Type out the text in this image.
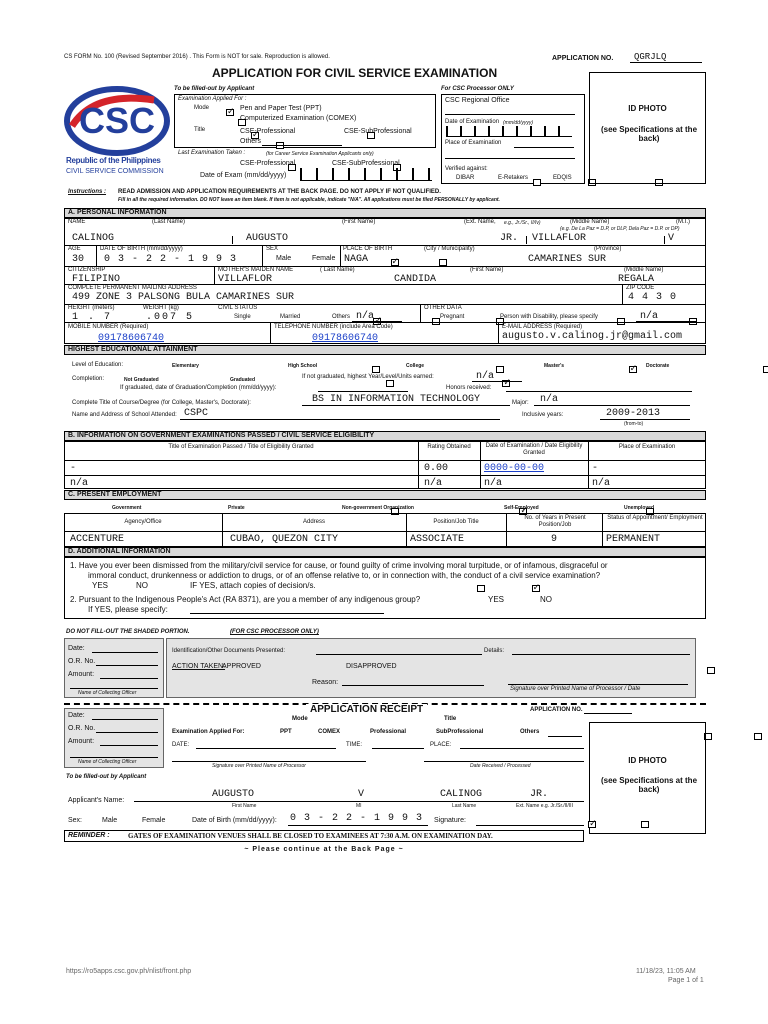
CS FORM No. 100 (Revised September 2016) . This Form is NOT for sale. Reproduction is allowed.	APPLICATION NO. QGRJLQ
APPLICATION FOR CIVIL SERVICE EXAMINATION
CSC
Republic of the Philippines
CIVIL SERVICE COMMISSION
To be filled-out by Applicant	For CSC Processor ONLY
Examination Applied For :
Mode
✓	Pen and Paper Test (PPT)

Computerized Examination (COMEX)
Title
✓	CSE-Professional
	CSE-SubProfessional

Others
Last Examination Taken :	(for Career Service Examination Applicants only)

CSE-Professional
	CSE-SubProfessional
Date of Exam (mm/dd/yyyy)
CSC Regional Office
Date of Examination (mm/dd/yyyy)
Place of Examination
Verified against:

DIBAR
	E-Retakers
	EDQIS
ID PHOTO
(see Specifications at the back)
Instructions : READ ADMISSION AND APPLICATION REQUIREMENTS AT THE BACK PAGE. DO NOT APPLY IF NOT QUALIFIED.
Fill in all the required information. DO NOT leave an item blank. If item is not applicable, indicate "N/A". All applications must be filed PERSONALLY by applicant.
A. PERSONAL INFORMATION
NAME	(Last Name)	(First Name)	(Ext. Name, e.g., Jr./Sr., II/Iv)	(Middle Name)	(M.I.)
(e.g. De La Paz = D.P, or DLP, Dela Paz = D.P. or DP)
CALINOG	AUGUSTO	JR. VILLAFLOR	V
AGE	DATE OF BIRTH (mm/dd/yyyy)	SEX	PLACE OF BIRTH	(City / Municipality)	(Province)
30 0 3 - 2 2 - 1 9 9 3
✓	Male
	Female NAGA	CAMARINES SUR
CITIZENSHIP	MOTHER'S MAIDEN NAME	( Last Name)	(First Name)	(Middle Name)
FILIPINO	VILLAFLOR	CANDIDA	REGALA
COMPLETE PERMANENT MAILING ADDRESS	ZIP CODE
499 ZONE 3 PALSONG BULA CAMARINES SUR	4 4 3 0
HEIGHT (meters)	WEIGHT (kg)	CIVIL STATUS
1 . 7	.007 5
✓	Single
	Married
	Others n/a
OTHER DATA

Pregnant
	Person with Disability, please specify	n/a
MOBILE NUMBER (Required)	TELEPHONE NUMBER (include Area Code)	E-MAIL ADDRESS (Required)
09178606740	09178606740	augusto.v.calinog.jr@gmail.com
HIGHEST EDUCATIONAL ATTAINMENT
Level of Education:
	Elementary
	High School
✓	College
	Master's
	Doctorate
Completion:
	Not Graduated
✓	Graduated	If not graduated, highest Year/Level/Units earned:	n/a
If graduated, date of Graduation/Completion (mm/dd/yyyy):	Honors received:
Complete Title of Course/Degree (for College, Master's, Doctorate):	BS IN INFORMATION TECHNOLOGY	Major: n/a
Name and Address of School Attended: CSPC	Inclusive years:	2009-2013
(from-to)
B. INFORMATION ON GOVERNMENT EXAMINATIONS PASSED / CIVIL SERVICE ELIGIBILITY
Title of Examination Passed / Title of Eligibility Granted	Rating Obtained	Date of Examination / Date Eligibility Granted
Place of Examination
-	0.00	0000-00-00	-
n/a	n/a	n/a	n/a
C. PRESENT EMPLOYMENT

Government
✓	Private
	Non-government Organization
	Self-Employed
	Unemployed
Agency/Office	Address	Position/Job Title
No. of Years in Present Position/Job
Status of Appointment/ Employment
ACCENTURE	CUBAO, QUEZON CITY	ASSOCIATE	9	PERMANENT
D. ADDITIONAL INFORMATION
1. Have you ever been dismissed from the military/civil service for cause, or found guilty of crime involving moral turpitude, or of infamous, disgraceful or
immoral conduct, drunkenness or addiction to drugs, or of an offense relative to, or in connection with, the conduct of a civil service examination?
YES
	NO
✓	IF YES, attach copies of decision/s.
2. Pursuant to the Indigenous People's Act (RA 8371), are you a member of any indigenous group?	YES
	NO

If YES, please specify:
DO NOT FILL-OUT THE SHADED PORTION.	(FOR CSC PROCESSOR ONLY)
Date:
O.R. No.
Amount:
Name of Collecting Officer
Identification/Other Documents Presented:	Details:
ACTION TAKEN:
APPROVED
	DISAPPROVED

Reason:
Signature over Printed Name of Processor / Date
APPLICATION RECEIPT	APPLICATION NO.
Date:
O.R. No.
Amount:
Name of Collecting Officer
Mode	Title
Examination Applied For:
	PPT
	COMEX
	Professional
	SubProfessional
	Others
DATE:	TIME:	PLACE:
Signature over Printed Name of Processor	Date Received / Processed
ID PHOTO
(see Specifications at the back)
To be filled-out by Applicant
Applicant's Name:
AUGUSTO	V	CALINOG	JR.
First Name	MI	Last Name	Ext. Name e.g. Jr./Sr./II/III
Sex:
✓	Male	Female	Date of Birth (mm/dd/yyyy): 0 3 - 2 2 - 1 9 9 3 Signature:
REMINDER :	GATES OF EXAMINATION VENUES SHALL BE CLOSED TO EXAMINEES AT 7:30 A.M. ON EXAMINATION DAY.
~ Please continue at the Back Page ~
https://ro5apps.csc.gov.ph/nlist/front.php	11/18/23, 11:05 AM
Page 1 of 1
